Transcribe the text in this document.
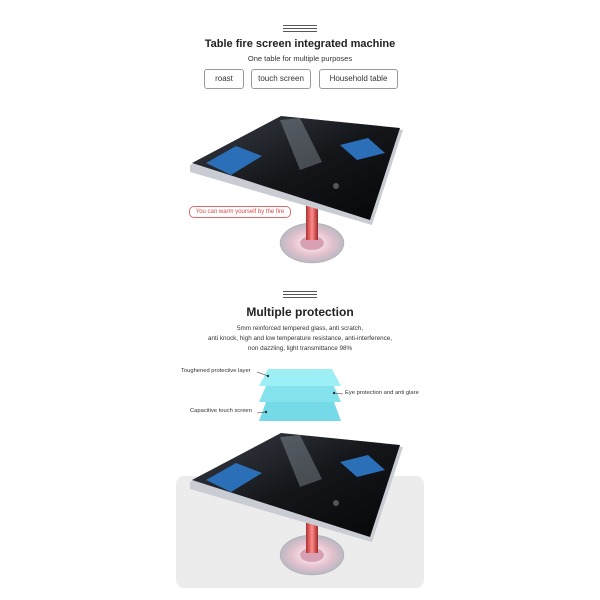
Table fire screen integrated machine
One table for multiple purposes
roast	touch screen	Household table
You can warm yourself by the fire
Multiple protection
5mm reinforced tempered glass, anti scratch,
anti knock, high and low temperature resistance, anti-interference,
non dazzling, light transmittance 98%
Toughened protective layer
Eye protection and anti glare
Capacitive touch screen
